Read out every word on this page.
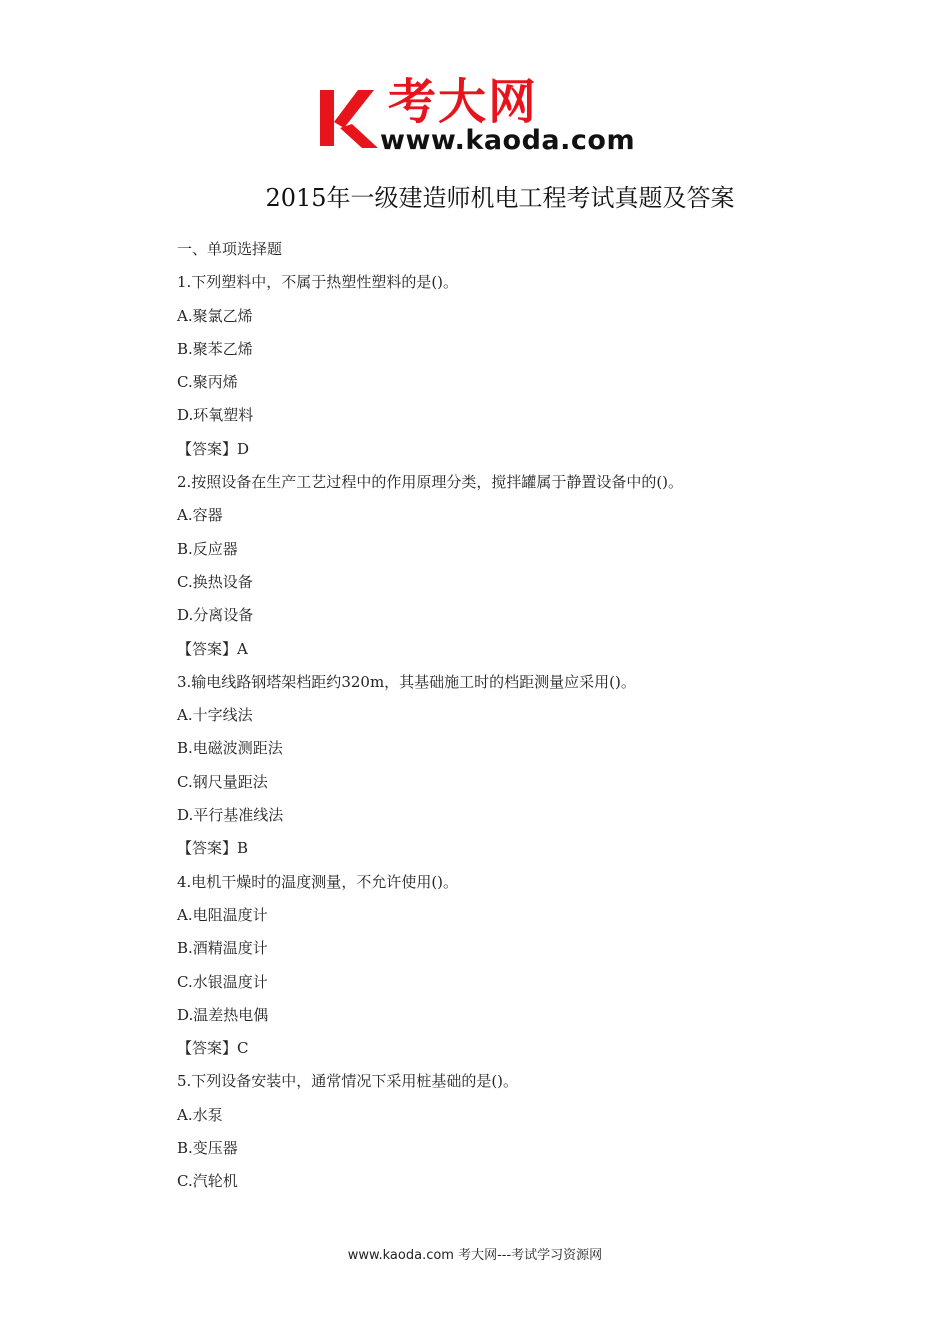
考大网
www.kaoda.com
2015年一级建造师机电工程考试真题及答案
一、单项选择题
1.下列塑料中，不属于热塑性塑料的是()。
A.聚氯乙烯
B.聚苯乙烯
C.聚丙烯
D.环氧塑料
【答案】D
2.按照设备在生产工艺过程中的作用原理分类，搅拌罐属于静置设备中的()。
A.容器
B.反应器
C.换热设备
D.分离设备
【答案】A
3.输电线路钢塔架档距约320m，其基础施工时的档距测量应采用()。
A.十字线法
B.电磁波测距法
C.钢尺量距法
D.平行基准线法
【答案】B
4.电机干燥时的温度测量，不允许使用()。
A.电阻温度计
B.酒精温度计
C.水银温度计
D.温差热电偶
【答案】C
5.下列设备安装中，通常情况下采用桩基础的是()。
A.水泵
B.变压器
C.汽轮机
www.kaoda.com 考大网---考试学习资源网
